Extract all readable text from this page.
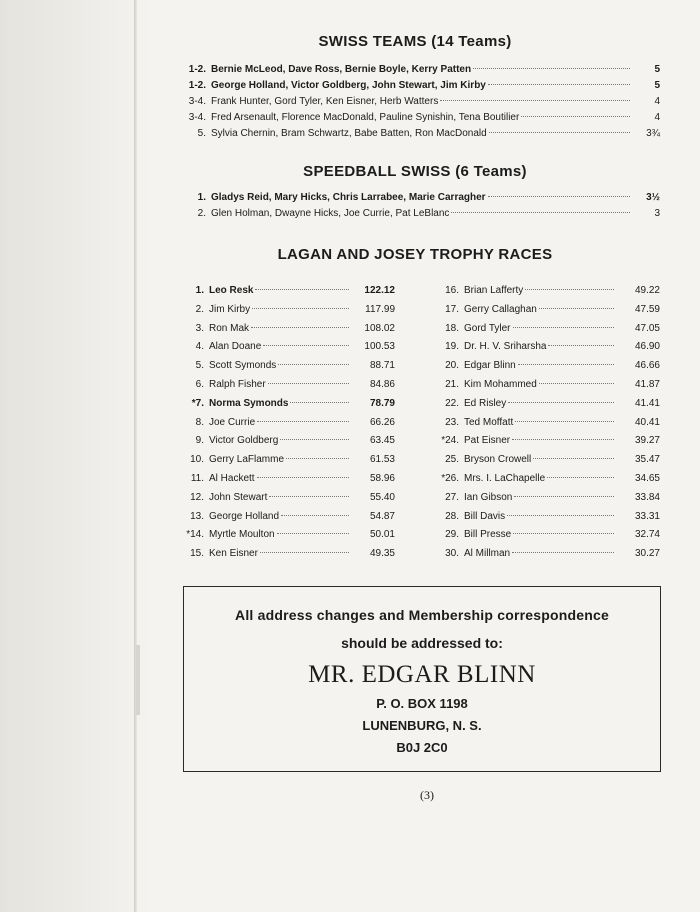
SWISS TEAMS (14 Teams)
1-2. Bernie McLeod, Dave Ross, Bernie Boyle, Kerry Patten	5
1-2. George Holland, Victor Goldberg, John Stewart, Jim Kirby	5
3-4. Frank Hunter, Gord Tyler, Ken Eisner, Herb Watters	4
3-4. Fred Arsenault, Florence MacDonald, Pauline Synishin, Tena Boutilier	4
5. Sylvia Chernin, Bram Schwartz, Babe Batten, Ron MacDonald	3¾
SPEEDBALL SWISS (6 Teams)
1. Gladys Reid, Mary Hicks, Chris Larrabee, Marie Carragher	3½
2. Glen Holman, Dwayne Hicks, Joe Currie, Pat LeBlanc	3
LAGAN AND JOSEY TROPHY RACES
1. Leo Resk	122.12
2. Jim Kirby	117.99
3. Ron Mak	108.02
4. Alan Doane	100.53
5. Scott Symonds	88.71
6. Ralph Fisher	84.86
*7. Norma Symonds	78.79
8. Joe Currie	66.26
9. Victor Goldberg	63.45
10. Gerry LaFlamme	61.53
11. Al Hackett	58.96
12. John Stewart	55.40
13. George Holland	54.87
*14. Myrtle Moulton	50.01
15. Ken Eisner	49.35
16. Brian Lafferty	49.22
17. Gerry Callaghan	47.59
18. Gord Tyler	47.05
19. Dr. H. V. Sriharsha	46.90
20. Edgar Blinn	46.66
21. Kim Mohammed	41.87
22. Ed Risley	41.41
23. Ted Moffatt	40.41
*24. Pat Eisner	39.27
25. Bryson Crowell	35.47
*26. Mrs. I. LaChapelle	34.65
27. Ian Gibson	33.84
28. Bill Davis	33.31
29. Bill Presse	32.74
30. Al Millman	30.27
All address changes and Membership correspondence
should be addressed to:
MR. EDGAR BLINN
P. O. BOX 1198
LUNENBURG, N. S.
B0J 2C0
(3)
